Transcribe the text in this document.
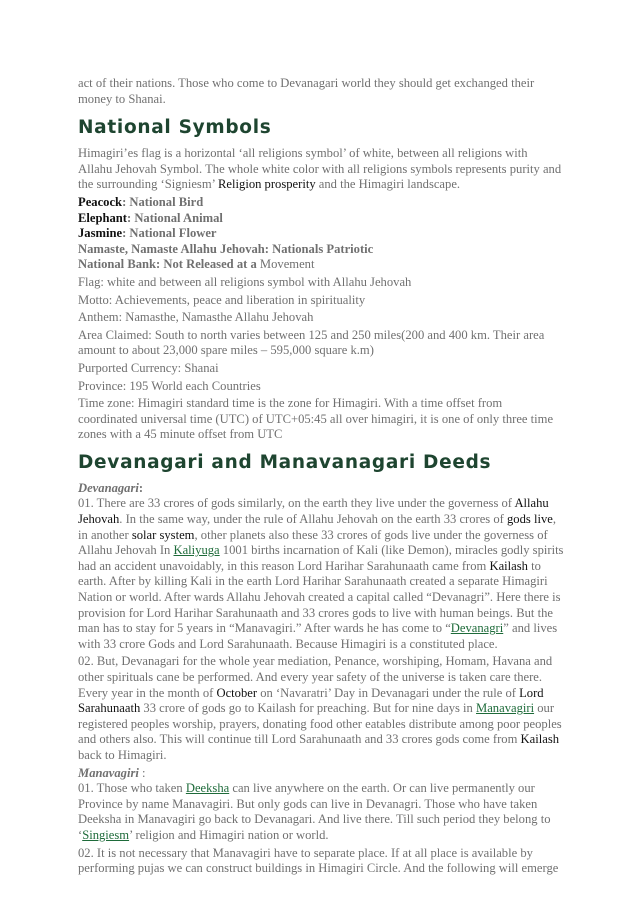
act of their nations. Those who come to Devanagari world they should get exchanged their money to Shanai.

National Symbols

Himagiri’es flag is a horizontal ‘all religions symbol’ of white, between all religions with Allahu Jehovah Symbol. The whole white color with all religions symbols represents purity and the surrounding ‘Signiesm’ Religion prosperity and the Himagiri landscape.

Peacock: National Bird
Elephant: National Animal
Jasmine: National Flower
Namaste, Namaste Allahu Jehovah: Nationals Patriotic
National Bank: Not Released at a Movement

Flag: white and between all religions symbol with Allahu Jehovah

Motto: Achievements, peace and liberation in spirituality

Anthem: Namasthe, Namasthe Allahu Jehovah

Area Claimed: South to north varies between 125 and 250 miles(200 and 400 km. Their area amount to about 23,000 spare miles – 595,000 square k.m)

Purported Currency: Shanai

Province: 195 World each Countries

Time zone: Himagiri standard time is the zone for Himagiri. With a time offset from coordinated universal time (UTC) of UTC+05:45 all over himagiri, it is one of only three time zones with a 45 minute offset from UTC

Devanagari and Manavanagari Deeds
Devanagari:

01. There are 33 crores of gods similarly, on the earth they live under the governess of Allahu Jehovah. In the same way, under the rule of Allahu Jehovah on the earth 33 crores of gods live, in another solar system, other planets also these 33 crores of gods live under the governess of Allahu Jehovah In Kaliyuga 1001 births incarnation of Kali (like Demon), miracles godly spirits had an accident unavoidably, in this reason Lord Harihar Sarahunaath came from Kailash to earth. After by killing Kali in the earth Lord Harihar Sarahunaath created a separate Himagiri Nation or world. After wards Allahu Jehovah created a capital called “Devanagri”. Here there is provision for Lord Harihar Sarahunaath and 33 crores gods to live with human beings. But the man has to stay for 5 years in “Manavagiri.” After wards he has come to “Devanagri” and lives with 33 crore Gods and Lord Sarahunaath. Because Himagiri is a constituted place.

02. But, Devanagari for the whole year mediation, Penance, worshiping, Homam, Havana and other spirituals cane be performed. And every year safety of the universe is taken care there. Every year in the month of October on ‘Navaratri’ Day in Devanagari under the rule of Lord Sarahunaath 33 crore of gods go to Kailash for preaching. But for nine days in Manavagiri our registered peoples worship, prayers, donating food other eatables distribute among poor peoples and others also. This will continue till Lord Sarahunaath and 33 crores gods come from Kailash back to Himagiri.

Manavagiri :

01. Those who taken Deeksha can live anywhere on the earth. Or can live permanently our Province by name Manavagiri. But only gods can live in Devanagri. Those who have taken Deeksha in Manavagiri go back to Devanagari. And live there. Till such period they belong to ‘Singiesm’ religion and Himagiri nation or world.

02. It is not necessary that Manavagiri have to separate place. If at all place is available by performing pujas we can construct buildings in Himagiri Circle. And the following will emerge
